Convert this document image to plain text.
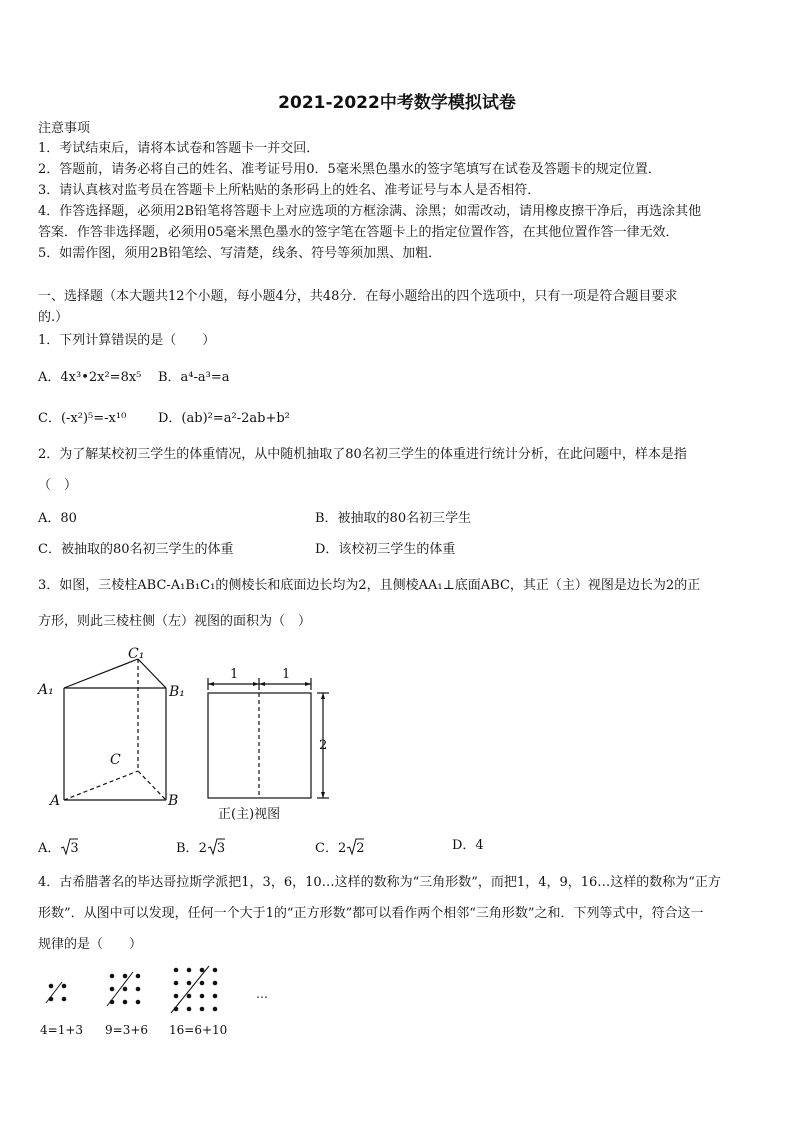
2021-2022中考数学模拟试卷
注意事项
1．考试结束后，请将本试卷和答题卡一并交回．
2．答题前，请务必将自己的姓名、准考证号用0．5毫米黑色墨水的签字笔填写在试卷及答题卡的规定位置．
3．请认真核对监考员在答题卡上所粘贴的条形码上的姓名、准考证号与本人是否相符．
4．作答选择题，必须用2B铅笔将答题卡上对应选项的方框涂满、涂黑；如需改动，请用橡皮擦干净后，再选涂其他
答案．作答非选择题，必须用05毫米黑色墨水的签字笔在答题卡上的指定位置作答，在其他位置作答一律无效．
5．如需作图，须用2B铅笔绘、写清楚，线条、符号等须加黑、加粗．
一、选择题（本大题共12个小题，每小题4分，共48分．在每小题给出的四个选项中，只有一项是符合题目要求
的.）
1．下列计算错误的是（　　）
A．4x³•2x²=8x⁵ B．a⁴-a³=a
C．(-x²)⁵=-x¹⁰ D．(ab)²=a²-2ab+b²
2．为了解某校初三学生的体重情况，从中随机抽取了80名初三学生的体重进行统计分析，在此问题中，样本是指
（　）
A．80	B．被抽取的80名初三学生
C．被抽取的80名初三学生的体重	D．该校初三学生的体重
3．如图，三棱柱ABC-A₁B₁C₁的侧棱长和底面边长均为2，且侧棱AA₁⊥底面ABC，其正（主）视图是边长为2的正
方形，则此三棱柱侧（左）视图的面积为（　）
C₁
A₁	B₁
C
A	B
1	1
2
正(主)视图
A． 3	B．2 3	C．2 2	D．4
4．古希腊著名的毕达哥拉斯学派把1，3，6，10…这样的数称为“三角形数”，而把1，4，9，16…这样的数称为“正方
形数”．从图中可以发现，任何一个大于1的“正方形数”都可以看作两个相邻“三角形数”之和．下列等式中，符合这一
规律的是（　　）
…
4=1+3 9=3+6 16=6+10
